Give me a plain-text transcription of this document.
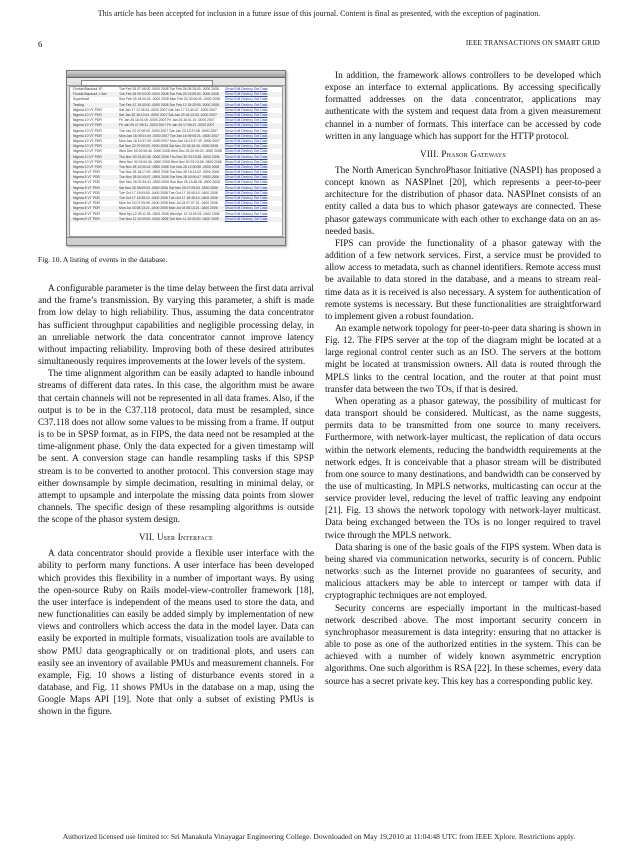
This article has been accepted for inclusion in a future issue of this journal. Content is final as presented, with the exception of pagination.
6	IEEE TRANSACTIONS ON SMART GRID
Florida Blackout 1F	Tue Feb 26 07:46:00 -0000 2008 Tue Feb 26 08:28:00 -0000 2008	Show Edit Destroy Get Data
Florida Blackout 1 Sec	Tue Feb 26 09:03:00 -0000 2008 Tue Feb 26 23:59:00 -0000 2008	Show Edit Destroy Get Data
Superbowl	Sun Feb 03 18:00:00 -0000 2008 Mon Feb 04 00:00:00 -0000 2008	Show Edit Destroy Get Data
Testing	Tue Feb 12 15:33:00 -0000 2008 Tue Feb 12 15:20:00 -0000 2008	Show Edit Destroy Get Data
Nigeria 10 VT PDR	Sat Jan 17 12:36:51 -0000 2007 Sat Jan 17 12:30:47 -0000 2007	Show Edit Destroy Get Data
Nigeria 10 VT PDR	Sat Jan 20 16:13:41 -0000 2007 Sat Jan 20 16:13:43 -0000 2007	Show Edit Destroy Get Data
Nigeria 10 VT PDR	Fri Jan 26 16:01:00 -0000 2007 Fri Jan 26 16:01:21 -0000 2007	Show Edit Destroy Get Data
Nigeria 10 VT PDR	Fri Jan 26 17:05:11 -0000 2007 Fri Jan 26 17:05:21 -0000 2007	Show Edit Destroy Get Data
Nigeria 10 VT PDR	Tue Jan 23 07:00:00 -0000 2007 Tue Jan 23 13:37:08 -0000 2007	Show Edit Destroy Get Data
Nigeria 10 VT PDR	Mon Jan 16 09:01:00 -0000 2007 Tue Jan 16 09:00:21 -0000 2007	Show Edit Destroy Get Data
Nigeria 10 VT PDR	Mon Jan 16 13:37:09 -0000 2007 Mon Jan 16 13:37:49 -0000 2007	Show Edit Destroy Get Data
Nigeria 10 VT PDR	Sat Nov 22 07:00:00 -0000 2008 Sat Nov 22 06:16:34 -0000 2008	Show Edit Destroy Get Data
Nigeria 10 VT PDR	Wed Dec 03 00:06:36 -0000 2008 Wed Dec 03 00:05:03 -0000 2008 Show Edit Destroy Get Data
Nigeria 10 VT PDR	Thu Nov 30 03:54:36 -0000 2006 Thu Nov 30 03:13:35 -0000 2006	Show Edit Destroy Get Data
Nigeria 10 VT PDR	Wed Nov 30 03:54:36 -0500 2006 Wed Nov 30 03:13:08 -0500 2006 Show Edit Destroy Get Data
Nigeria 10 VT PDR	Tue Nov 28 12:00:44 -0500 2006 Tue Nov 28 12:00:58 -0500 2006	Show Edit Destroy Get Data
Nigeria 8 VT PDR	Tue Nov 28 18:17:00 -0500 2006 Tue Nov 28 18:14:02 -0500 2006	Show Edit Destroy Get Data
Nigeria 8 VT PDR	Tue Nov 28 00:00:47 -0500 2006 Tue Nov 28 00:00:47 -0500 2006	Show Edit Destroy Get Data
Nigeria 8 VT PDR	Sun Nov 26 02:54:44 -0500 2006 Sun Nov 26 13:48:28 -0500 2006	Show Edit Destroy Get Data
Nigeria 8 VT PDR	Sat Nov 25 08:09:03 -0500 2006 Sat Nov 25 07:09:03 -0500 2006	Show Edit Destroy Get Data
Nigeria 8 VT PDR	Tue Oct 17 19:09:53 -0400 2006 Tue Oct 17 19:09:13 -0400 2006	Show Edit Destroy Get Data
Nigeria 8 VT PDR	Tue Oct 17 16:35:12 -0400 2006 Tue Oct 17 16:35:13 -0400 2006	Show Edit Destroy Get Data
Nigeria 8 VT PDR	Mon Jul 24 07:09:05 -0400 2006 Mon Jul 24 07:07:31 -0400 2006	Show Edit Destroy Get Data
Nigeria 8 VT PDR	Mon Jul 03 08:13:21 -0400 2006 Mon Jul 03 08:13:21 -0400 2006	Show Edit Destroy Get Data
Nigeria 8 VT PDR	Wed Apr 12 09:11:35 -0400 2006 Wed Apr 12 10:00:03 -0400 2006	Show Edit Destroy Get Data
Nigeria 8 VT PDR	Tue Nov 11 20:00:00 -0400 2005 Tue Nov 11 20:00:00 -0400 2005	Show Edit Destroy Get Data

Fig. 10. A listing of events in the database.

A configurable parameter is the time delay between the first data arrival and the frame’s transmission. By varying this parameter, a shift is made from low delay to high reliability. Thus, assuming the data concentrator has sufficient throughput capabilities and negligible processing delay, in an unreliable network the data concentrator cannot improve latency without impacting reliability. Improving both of these desired attributes simultaneously requires improvements at the lower levels of the system.

The time alignment algorithm can be easily adapted to handle inbound streams of different data rates. In this case, the algorithm must be aware that certain channels will not be represented in all data frames. Also, if the output is to be in the C37.118 protocol, data must be resampled, since C37.118 does not allow some values to be missing from a frame. If output is to be in SPSP format, as in FIPS, the data need not be resampled at the time-alignment phase. Only the data expected for a given timestamp will be sent. A conversion stage can handle resampling tasks if this SPSP stream is to be converted to another protocol. This conversion stage may either downsample by simple decimation, resulting in minimal delay, or attempt to upsample and interpolate the missing data points from slower channels. The specific design of these resampling algorithms is outside the scope of the phasor system design.

VII. User Interface

A data concentrator should provide a flexible user interface with the ability to perform many functions. A user interface has been developed which provides this flexibility in a number of important ways. By using the open-source Ruby on Rails model-view-controller framework [18], the user interface is independent of the means used to store the data, and new functionalities can easily be added simply by implementation of new views and controllers which access the data in the model layer. Data can easily be exported in multiple formats, visualization tools are available to show PMU data geographically or on traditional plots, and users can easily see an inventory of available PMUs and measurement channels. For example, Fig. 10 shows a listing of disturbance events stored in a database, and Fig. 11 shows PMUs in the database on a map, using the Google Maps API [19]. Note that only a subset of existing PMUs is shown in the figure.

In addition, the framework allows controllers to be developed which expose an interface to external applications. By accessing specifically formatted addresses on the data concentrator, applications may authenticate with the system and request data from a given measurement channel in a number of formats. This interface can be accessed by code written in any language which has support for the HTTP protocol.

VIII. Phasor Gateways

The North American SynchroPhasor Initiative (NASPI) has proposed a concept known as NASPInet [20], which represents a peer-to-peer architecture for the distribution of phasor data. NASPInet consists of an entity called a data bus to which phasor gateways are connected. These phasor gateways communicate with each other to exchange data on an as-needed basis.

FIPS can provide the functionality of a phasor gateway with the addition of a few network services. First, a service must be provided to allow access to metadata, such as channel identifiers. Remote access must be available to data stored in the database, and a means to stream real-time data as it is received is also necessary. A system for authentication of remote systems is necessary. But these functionalities are straightforward to implement given a robust foundation.

An example network topology for peer-to-peer data sharing is shown in Fig. 12. The FIPS server at the top of the diagram might be located at a large regional control center such as an ISO. The servers at the bottom might be located at transmission owners. All data is routed through the MPLS links to the central location, and the router at that point must transfer data between the two TOs, if that is desired.

When operating as a phasor gateway, the possibility of multicast for data transport should be considered. Multicast, as the name suggests, permits data to be transmitted from one source to many receivers. Furthermore, with network-layer multicast, the replication of data occurs within the network elements, reducing the bandwidth requirements at the network edges. It is conceivable that a phasor stream will be distributed from one source to many destinations, and bandwidth can be conserved by the use of multicasting. In MPLS networks, multicasting can occur at the service provider level, reducing the level of traffic leaving any endpoint [21]. Fig. 13 shows the network topology with network-layer multicast. Data being exchanged between the TOs is no longer required to travel twice through the MPLS network.

Data sharing is one of the basic goals of the FIPS system. When data is being shared via communication networks, security is of concern. Public networks such as the Internet provide no guarantees of security, and malicious attackers may be able to intercept or tamper with data if cryptographic techniques are not employed.

Security concerns are especially important in the multicast-based network described above. The most important security concern in synchrophasor measurement is data integrity: ensuring that no attacker is able to pose as one of the authorized entities in the system. This can be achieved with a number of widely known asymmetric encryption algorithms. One such algorithm is RSA [22]. In these schemes, every data source has a secret private key. This key has a corresponding public key.

Authorized licensed use limited to: Sri Manakula Vinayagar Engineering College. Downloaded on May 19,2010 at 11:04:48 UTC from IEEE Xplore. Restrictions apply.
